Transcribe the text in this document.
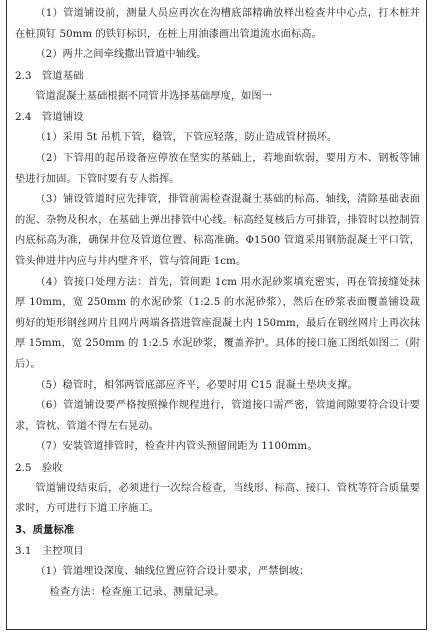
（1）管道铺设前，测量人员应再次在沟槽底部精确放样出检查井中心点，打木桩并在桩顶钉 50mm 的铁钉标识，在桩上用油漆画出管道流水面标高。

（2）两井之间牵线撒出管道中轴线。

2.3　管道基础

管道混凝土基础根据不同管井选择基础厚度，如图一

2.4　管道铺设

（1）采用 5t 吊机下管，稳管，下管应轻落，防止造成管材损坏。

（2）下管用的起吊设备应停放在坚实的基础上，若地面软弱，要用方木、钢板等铺垫进行加固。下管时要有专人指挥。

（3）铺设管道时应先排管，排管前需检查混凝土基础的标高、轴线，清除基础表面的泥、杂物及积水，在基础上弹出排管中心线。标高经复核后方可排管，排管时以控制管内底标高为准，确保井位及管道位置、标高准确。Φ1500 管道采用钢筋混凝土平口管，管头伸进井内应与井内壁齐平，管与管间距 1cm。

（4）管接口处理方法：首先，管间距 1cm 用水泥砂浆填充密实，再在管接缝处抹厚 10mm，宽 250mm 的水泥砂浆（1:2.5 的水泥砂浆），然后在砂浆表面覆盖铺设裁剪好的矩形钢丝网片且网片两端各搭进管座混凝土内 150mm，最后在钢丝网片上再次抹厚 15mm，宽 250mm 的 1:2.5 水泥砂浆，覆盖养护。具体的接口施工图纸如图二（附后）。

（5）稳管时，相邻两管底部应齐平，必要时用 C15 混凝土垫块支撑。

（6）管道铺设要严格按照操作规程进行，管道接口需严密，管道间隙要符合设计要求，管枕、管道不得左右晃动。

（7）安装管道排管时，检查井内管头预留间距为 1100mm。

2.5　验收

管道铺设结束后，必须进行一次综合检查，当线形、标高、接口、管枕等符合质量要求时，方可进行下道工序施工。

3、质量标准

3.1　主控项目

（1）管道埋设深度、轴线位置应符合设计要求，严禁倒坡；

检查方法：检查施工记录、测量记录。
